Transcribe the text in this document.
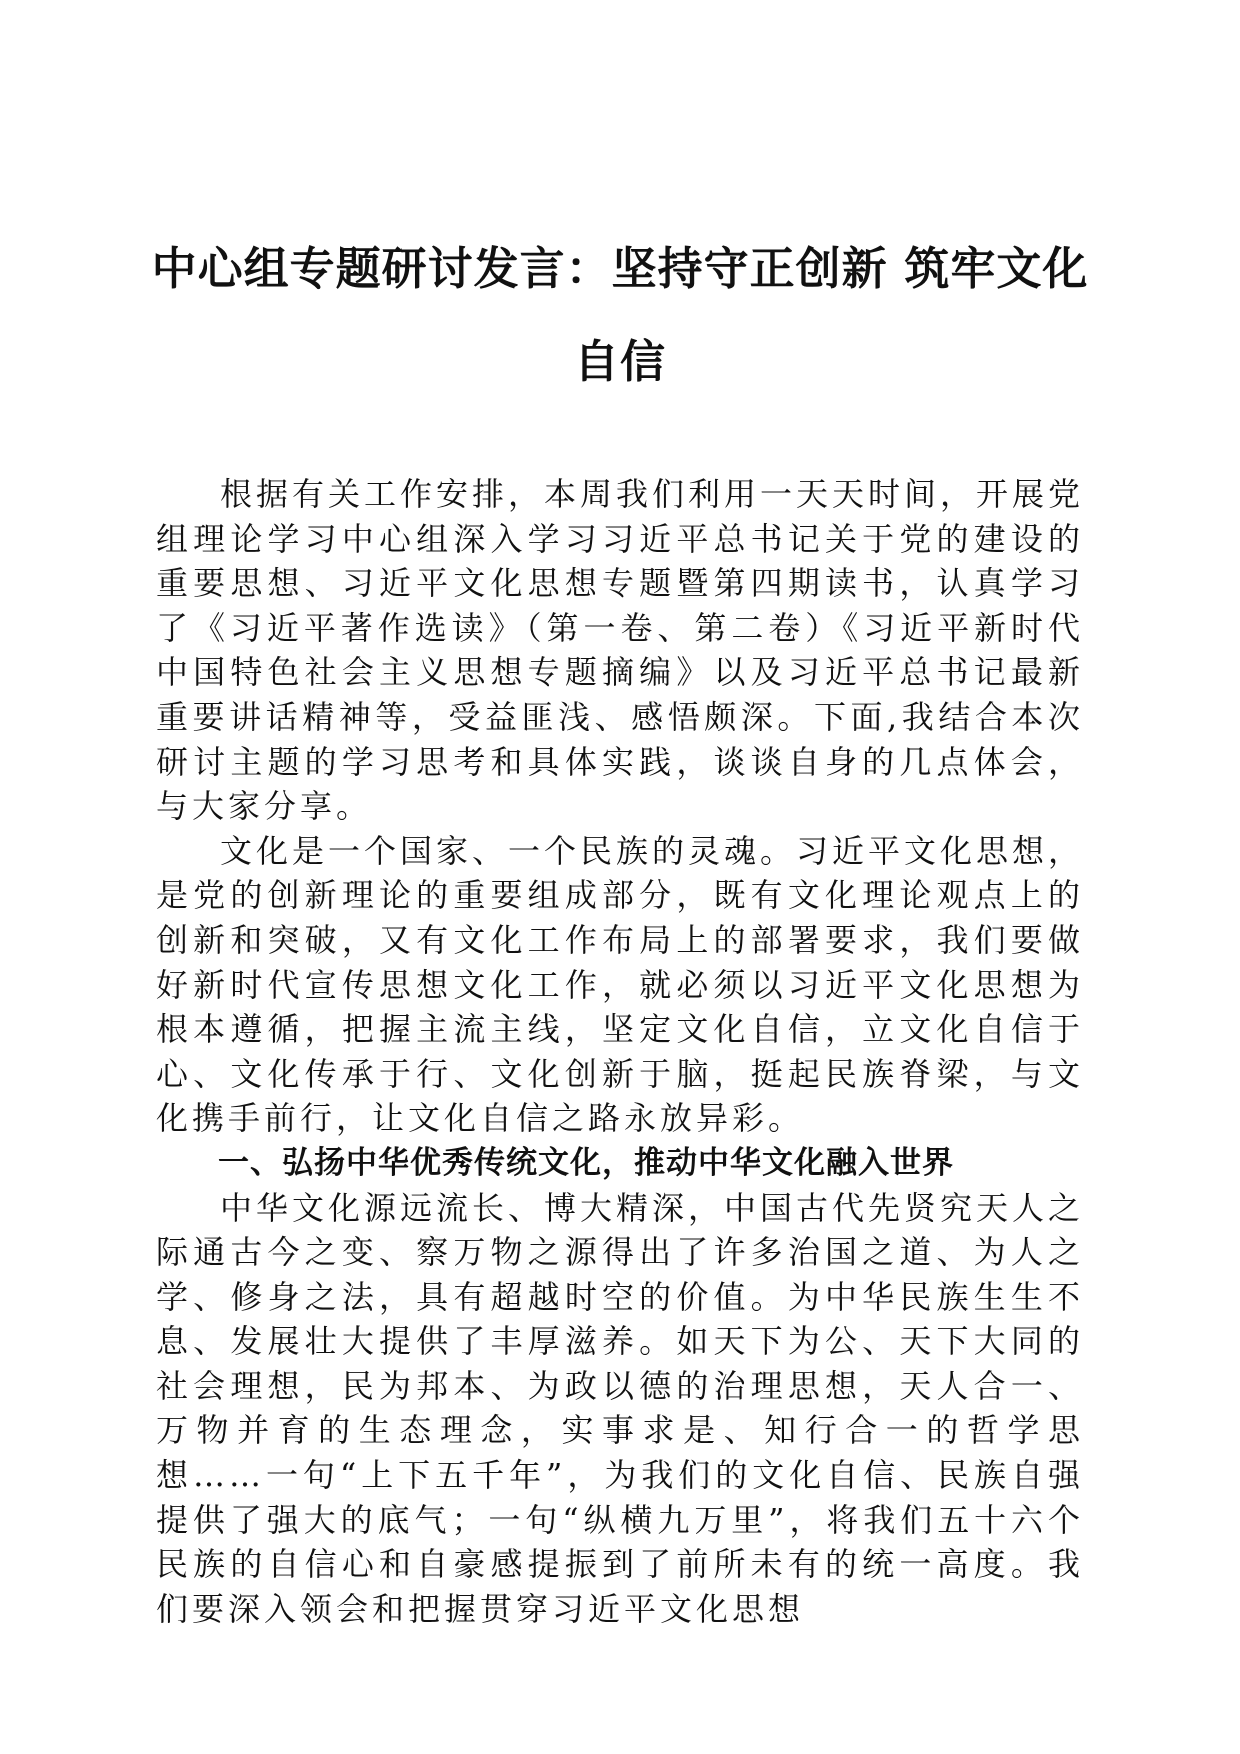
中心组专题研讨发言：坚持守正创新 筑牢文化自信

根据有关工作安排，本周我们利用一天天时间，开展党组理论学习中心组深入学习习近平总书记关于党的建设的重要思想、习近平文化思想专题暨第四期读书，认真学习了《习近平著作选读》（第一卷、第二卷）《习近平新时代中国特色社会主义思想专题摘编》以及习近平总书记最新重要讲话精神等，受益匪浅、感悟颇深。下面,我结合本次研讨主题的学习思考和具体实践，谈谈自身的几点体会，与大家分享。

文化是一个国家、一个民族的灵魂。习近平文化思想，是党的创新理论的重要组成部分，既有文化理论观点上的创新和突破，又有文化工作布局上的部署要求，我们要做好新时代宣传思想文化工作，就必须以习近平文化思想为根本遵循，把握主流主线，坚定文化自信，立文化自信于心、文化传承于行、文化创新于脑，挺起民族脊梁，与文化携手前行，让文化自信之路永放异彩。

一、弘扬中华优秀传统文化，推动中华文化融入世界

中华文化源远流长、博大精深，中国古代先贤究天人之际通古今之变、察万物之源得出了许多治国之道、为人之学、修身之法，具有超越时空的价值。为中华民族生生不息、发展壮大提供了丰厚滋养。如天下为公、天下大同的社会理想，民为邦本、为政以德的治理思想，天人合一、万物并育的生态理念，实事求是、知行合一的哲学思想……一句“上下五千年”，为我们的文化自信、民族自强提供了强大的底气；一句“纵横九万里”，将我们五十六个民族的自信心和自豪感提振到了前所未有的统一高度。我们要深入领会和把握贯穿习近平文化思想
